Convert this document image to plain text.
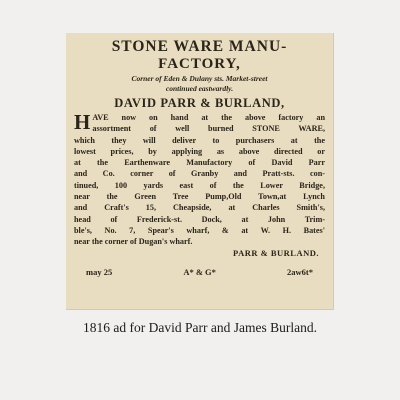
STONE WARE MANU-
FACTORY,
Corner of Eden & Dulany sts. Market-street
continued eastwardly.
DAVID PARR & BURLAND,
H AVE now on hand at the above factory an
assortment of well burned STONE WARE,
which they will deliver to purchasers at the
lowest prices, by applying as above directed or
at the Earthenware Manufactory of David Parr
and Co. corner of Granby and Pratt-sts. con-
tinued, 100 yards east of the Lower Bridge,
near the Green Tree Pump,Old Town,at Lynch
and Craft's 15, Cheapside, at Charles Smith's,
head of Frederick-st. Dock, at John Trim-
ble's, No. 7, Spear's wharf, & at W. H. Bates'
near the corner of Dugan's wharf.
PARR & BURLAND.
may 25	A* & G*	2aw6t*
1816 ad for David Parr and James Burland.
